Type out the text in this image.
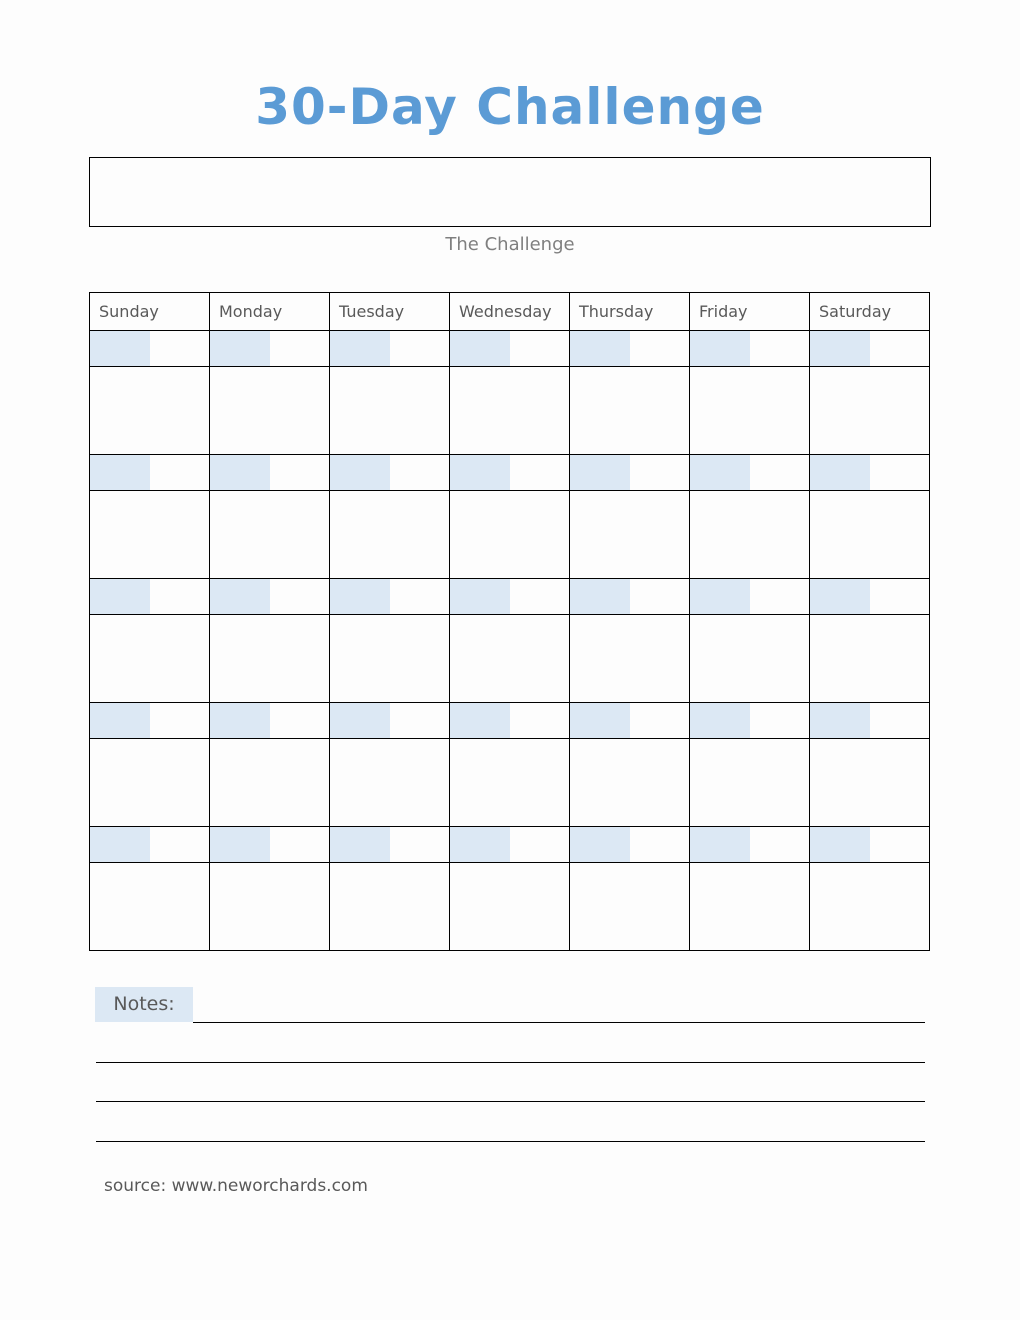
30-Day Challenge
The Challenge
Sunday	Monday	Tuesday	Wednesday	Thursday	Friday	Saturday

Notes:
source: www.neworchards.com
